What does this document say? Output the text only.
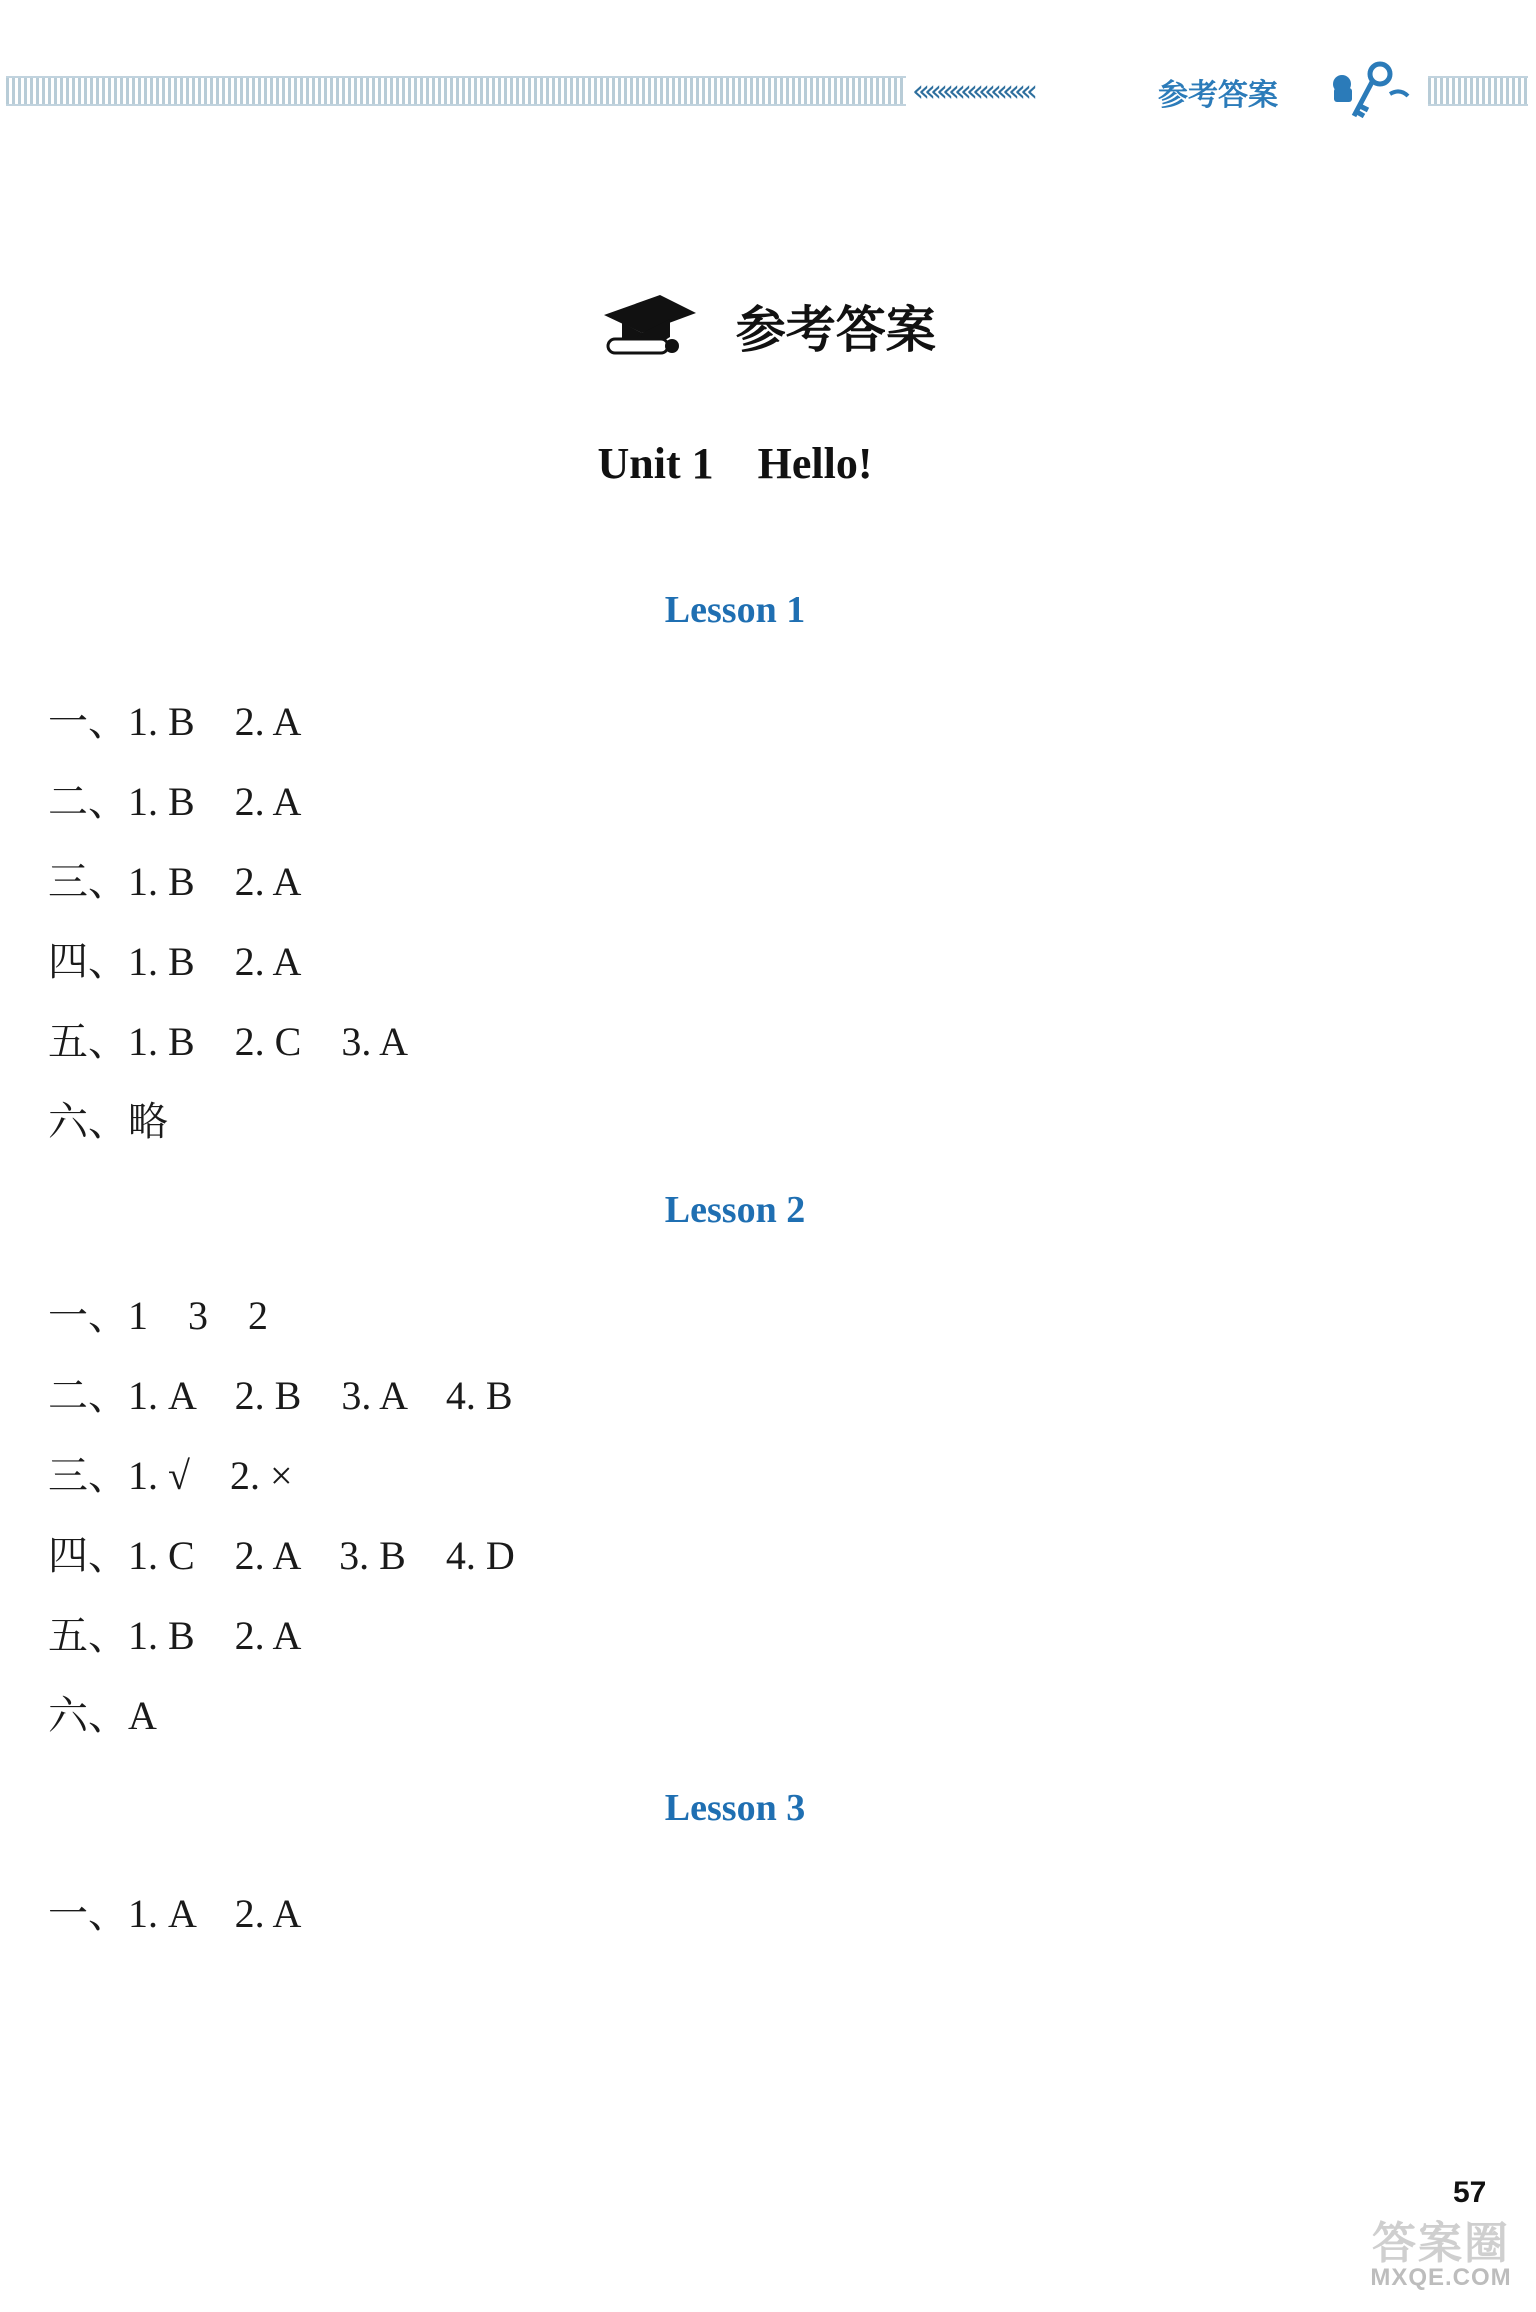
‹‹‹‹‹‹‹‹‹‹‹‹‹‹‹‹‹‹‹‹	参考答案
参考答案
Unit 1 Hello!
Lesson 1
一、1. B    2. A
二、1. B    2. A
三、1. B    2. A
四、1. B    2. A
五、1. B    2. C    3. A
六、略
Lesson 2
一、1    3    2
二、1. A    2. B    3. A    4. B
三、1. √    2. ×
四、1. C    2. A    3. B    4. D
五、1. B    2. A
六、A
Lesson 3
一、1. A    2. A
57
答案圈
MXQE.COM
